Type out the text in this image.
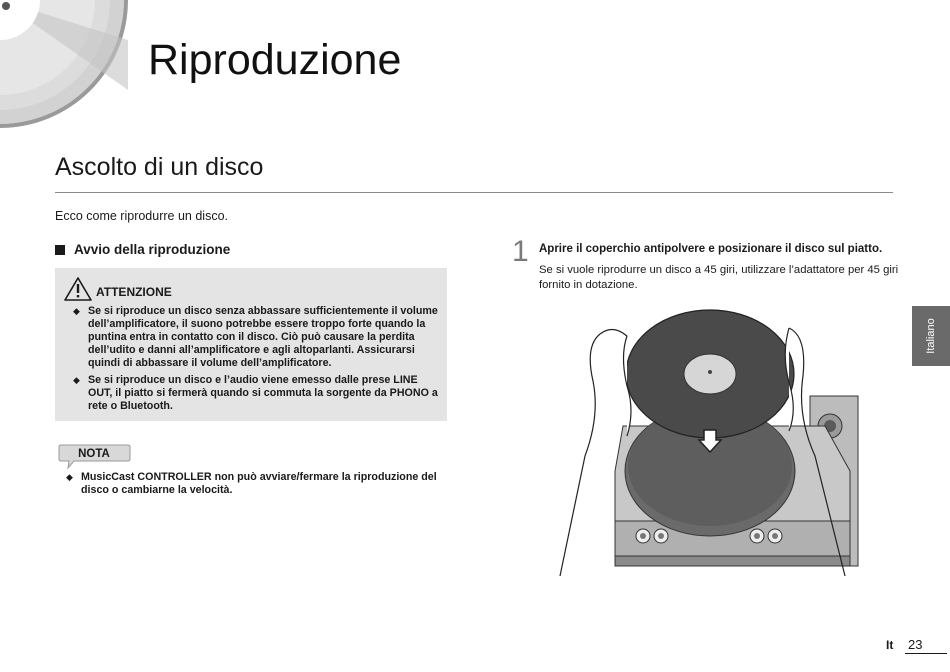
Riproduzione
Ascolto di un disco
Ecco come riprodurre un disco.
Avvio della riproduzione
ATTENZIONE
◆ Se si riproduce un disco senza abbassare sufficientemente il volume dell’amplificatore, il suono potrebbe essere troppo forte quando la puntina entra in contatto con il disco. Ciò può causare la perdita dell’udito e danni all’amplificatore e agli altoparlanti. Assicurarsi quindi di abbassare il volume dell’amplificatore.
◆ Se si riproduce un disco e l’audio viene emesso dalle prese LINE OUT, il piatto si fermerà quando si commuta la sorgente da PHONO a rete o Bluetooth.
NOTA
◆ MusicCast CONTROLLER non può avviare/fermare la riproduzione del disco o cambiarne la velocità.
1 Aprire il coperchio antipolvere e posizionare il disco sul piatto.
Se si vuole riprodurre un disco a 45 giri, utilizzare l’adattatore per 45 giri fornito in dotazione.
Italiano
It 23
